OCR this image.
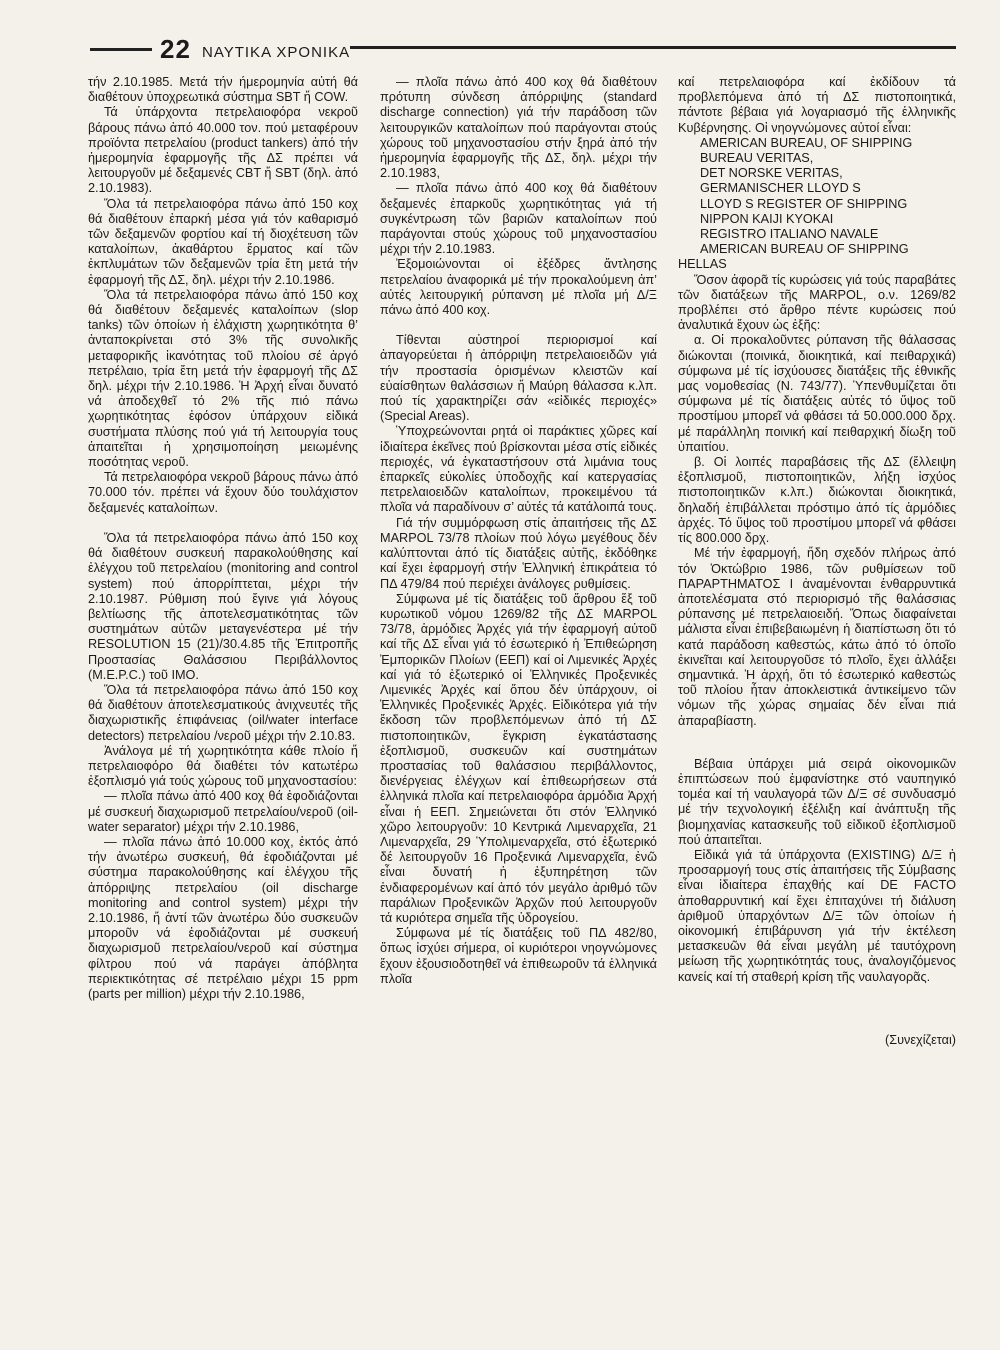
22 ΝΑΥΤΙΚΑ ΧΡΟΝΙΚΑ

τήν 2.10.1985. Μετά τήν ήμερομηνία αὐτή θά διαθέτουν ὑποχρεωτικά σύστημα SBT ἤ COW.

Τά ὑπάρχοντα πετρελαιοφόρα νεκροῦ βάρους πάνω ἀπό 40.000 τον. πού μεταφέρουν προϊόντα πετρελαίου (product tankers) ἀπό τήν ἡμερομηνία ἐφαρμογῆς τῆς ΔΣ πρέπει νά λειτουργοῦν μέ δεξαμενές CBT ἤ SBT (δηλ. ἀπό 2.10.1983).

Ὅλα τά πετρελαιοφόρα πάνω ἀπό 150 κοχ θά διαθέτουν ἐπαρκή μέσα γιά τόν καθαρισμό τῶν δεξαμενῶν φορτίου καί τή διοχέτευση τῶν καταλοίπων, ἀκαθάρτου ἔρματος καί τῶν ἐκπλυμάτων τῶν δεξαμενῶν τρία ἔτη μετά τήν ἐφαρμογή τῆς ΔΣ, δηλ. μέχρι τήν 2.10.1986.

Ὅλα τά πετρελαιοφόρα πάνω ἀπό 150 κοχ θά διαθέτουν δεξαμενές καταλοίπων (slop tanks) τῶν ὁποίων ἡ ἐλάχιστη χωρητικότητα θ’ ἀνταποκρίνεται στό 3% τῆς συνολικῆς μεταφορικῆς ἱκανότητας τοῦ πλοίου σέ ἀργό πετρέλαιο, τρία ἔτη μετά τήν ἐφαρμογή τῆς ΔΣ δηλ. μέχρι τήν 2.10.1986. Ἡ Ἀρχή εἶναι δυνατό νά ἀποδεχθεῖ τό 2% τῆς πιό πάνω χωρητικότητας ἐφόσον ὑπάρχουν εἰδικά συστήματα πλύσης πού γιά τή λειτουργία τους ἀπαιτεῖται ἡ χρησιμοποίηση μειωμένης ποσότητας νεροῦ.

Τά πετρελαιοφόρα νεκροῦ βάρους πάνω ἀπό 70.000 τόν. πρέπει νά ἔχουν δύο τουλάχιστον δεξαμενές καταλοίπων.

Ὅλα τά πετρελαιοφόρα πάνω ἀπό 150 κοχ θά διαθέτουν συσκευή παρακολούθησης καί ἐλέγχου τοῦ πετρελαίου (monitoring and control system) πού ἀπορρίπτεται, μέχρι τήν 2.10.1987. Ρύθμιση πού ἔγινε γιά λόγους βελτίωσης τῆς ἀποτελεσματικότητας τῶν συστημάτων αὐτῶν μεταγενέστερα μέ τήν RESOLUTION 15 (21)/30.4.85 τῆς Ἐπιτροπῆς Προστασίας Θαλάσσιου Περιβάλλοντος (M.E.P.C.) τοῦ IMO.

Ὅλα τά πετρελαιοφόρα πάνω ἀπό 150 κοχ θά διαθέτουν ἀποτελεσματικούς ἀνιχνευτές τῆς διαχωριστικῆς ἐπιφάνειας (oil/water interface detectors) πετρελαίου /νεροῦ μέχρι τήν 2.10.83.

Ἀνάλογα μέ τή χωρητικότητα κάθε πλοίο ἤ πετρελαιοφόρο θά διαθέτει τόν κατωτέρω ἐξοπλισμό γιά τούς χώρους τοῦ μηχανοστασίου:

— πλοῖα πάνω ἀπό 400 κοχ θά ἐφοδιάζονται μέ συσκευή διαχωρισμοῦ πετρελαίου/νεροῦ (oil-water separator) μέχρι τήν 2.10.1986,

— πλοῖα πάνω ἀπό 10.000 κοχ, ἐκτός ἀπό τήν ἀνωτέρω συσκευή, θά ἐφοδιάζονται μέ σύστημα παρακολούθησης καί ἐλέγχου τῆς ἀπόρριψης πετρελαίου (oil discharge monitoring and control system) μέχρι τήν 2.10.1986, ἤ ἀντί τῶν ἀνωτέρω δύο συσκευῶν μποροῦν νά ἐφοδιάζονται μέ συσκευή διαχωρισμοῦ πετρελαίου/νεροῦ καί σύστημα φίλτρου πού νά παράγει ἀπόβλητα περιεκτικότητας σέ πετρέλαιο μέχρι 15 ppm (parts per million) μέχρι τήν 2.10.1986,

— πλοῖα πάνω ἀπό 400 κοχ θά διαθέτουν πρότυπη σύνδεση ἀπόρριψης (standard discharge connection) γιά τήν παράδοση τῶν λειτουργικῶν καταλοίπων πού παράγονται στούς χώρους τοῦ μηχανοστασίου στήν ξηρά ἀπό τήν ἡμερομηνία ἐφαρμογῆς τῆς ΔΣ, δηλ. μέχρι τήν 2.10.1983,

— πλοῖα πάνω ἀπό 400 κοχ θά διαθέτουν δεξαμενές ἐπαρκοῦς χωρητικότητας γιά τή συγκέντρωση τῶν βαριῶν καταλοίπων πού παράγονται στούς χώρους τοῦ μηχανοστασίου μέχρι τήν 2.10.1983.

Ἐξομοιώνονται οἱ ἐξέδρες ἄντλησης πετρελαίου ἀναφορικά μέ τήν προκαλούμενη ἀπ’ αὐτές λειτουργική ρύπανση μέ πλοῖα μή Δ/Ξ πάνω ἀπό 400 κοχ.

Τίθενται αὐστηροί περιορισμοί καί ἀπαγορεύεται ἡ ἀπόρριψη πετρελαιοειδῶν γιά τήν προστασία ὁρισμένων κλειστῶν καί εὐαίσθητων θαλάσσιων ἤ Μαύρη θάλασσα κ.λπ. πού τίς χαρακτηρίζει σάν «εἰδικές περιοχές» (Special Areas).

Ὑποχρεώνονται ρητά οἱ παράκτιες χῶρες καί ἰδιαίτερα ἐκεῖνες πού βρίσκονται μέσα στίς εἰδικές περιοχές, νά ἐγκαταστήσουν στά λιμάνια τους ἐπαρκεῖς εὐκολίες ὑποδοχῆς καί κατεργασίας πετρελαιοειδῶν καταλοίπων, προκειμένου τά πλοῖα νά παραδίνουν σ’ αὐτές τά κατάλοιπά τους.

Γιά τήν συμμόρφωση στίς ἀπαιτήσεις τῆς ΔΣ MARPOL 73/78 πλοίων πού λόγω μεγέθους δέν καλύπτονται ἀπό τίς διατάξεις αὐτῆς, ἐκδόθηκε καί ἔχει ἐφαρμογή στήν Ἑλληνική ἐπικράτεια τό ΠΔ 479/84 πού περιέχει ἀνάλογες ρυθμίσεις.

Σύμφωνα μέ τίς διατάξεις τοῦ ἄρθρου ἕξ τοῦ κυρωτικοῦ νόμου 1269/82 τῆς ΔΣ MARPOL 73/78, ἁρμόδιες Ἀρχές γιά τήν ἐφαρμογή αὐτοῦ καί τῆς ΔΣ εἶναι γιά τό ἐσωτερικό ἡ Ἐπιθεώρηση Ἐμπορικῶν Πλοίων (ΕΕΠ) καί οἱ Λιμενικές Ἀρχές καί γιά τό ἐξωτερικό οἱ Ἑλληνικές Προξενικές Λιμενικές Ἀρχές καί ὅπου δέν ὑπάρχουν, οἱ Ἑλληνικές Προξενικές Ἀρχές. Εἰδικότερα γιά τήν ἔκδοση τῶν προβλεπόμενων ἀπό τή ΔΣ πιστοποιητικῶν, ἔγκριση ἐγκατάστασης ἐξοπλισμοῦ, συσκευῶν καί συστημάτων προστασίας τοῦ θαλάσσιου περιβάλλοντος, διενέργειας ἐλέγχων καί ἐπιθεωρήσεων στά ἑλληνικά πλοῖα καί πετρελαιοφόρα ἁρμόδια Ἀρχή εἶναι ἡ ΕΕΠ. Σημειώνεται ὅτι στόν Ἑλληνικό χῶρο λειτουργοῦν: 10 Κεντρικά Λιμεναρχεῖα, 21 Λιμεναρχεῖα, 29 Ὑπολιμεναρχεῖα, στό ἐξωτερικό δέ λειτουργοῦν 16 Προξενικά Λιμεναρχεῖα, ἐνῶ εἶναι δυνατή ἡ ἐξυπηρέτηση τῶν ἐνδιαφερομένων καί ἀπό τόν μεγάλο ἀριθμό τῶν παράλιων Προξενικῶν Ἀρχῶν πού λειτουργοῦν τά κυριότερα σημεῖα τῆς ὑδρογείου.

Σύμφωνα μέ τίς διατάξεις τοῦ ΠΔ 482/80, ὅπως ἰσχύει σήμερα, οἱ κυριότεροι νηογνώμονες ἔχουν ἐξουσιοδοτηθεῖ νά ἐπιθεωροῦν τά ἑλληνικά πλοῖα

καί πετρελαιοφόρα καί ἐκδίδουν τά προβλεπόμενα ἀπό τή ΔΣ πιστοποιητικά, πάντοτε βέβαια γιά λογαριασμό τῆς ἑλληνικῆς Κυβέρνησης. Οἱ νηογνώμονες αὐτοί εἶναι:

AMERICAN BUREAU, OF SHIPPING
BUREAU VERITAS,
DET NORSKE VERITAS,
GERMANISCHER LLOYD S
LLOYD S REGISTER OF SHIPPING
NIPPON KAIJI KYOKAI
REGISTRO ITALIANO NAVALE
AMERICAN BUREAU OF SHIPPING

HELLAS

Ὅσον ἀφορᾶ τίς κυρώσεις γιά τούς παραβάτες τῶν διατάξεων τῆς MARPOL, ο.ν. 1269/82 προβλέπει στό ἄρθρο πέντε κυρώσεις πού ἀναλυτικά ἔχουν ὡς ἑξῆς:

α. Οἱ προκαλοῦντες ρύπανση τῆς θάλασσας διώκονται (ποινικά, διοικητικά, καί πειθαρχικά) σύμφωνα μέ τίς ἰσχύουσες διατάξεις τῆς ἐθνικῆς μας νομοθεσίας (Ν. 743/77). Ὑπενθυμίζεται ὅτι σύμφωνα μέ τίς διατάξεις αὐτές τό ὕψος τοῦ προστίμου μπορεῖ νά φθάσει τά 50.000.000 δρχ. μέ παράλληλη ποινική καί πειθαρχική δίωξη τοῦ ὑπαιτίου.

β. Οἱ λοιπές παραβάσεις τῆς ΔΣ (ἔλλειψη ἐξοπλισμοῦ, πιστοποιητικῶν, λήξη ἰσχύος πιστοποιητικῶν κ.λπ.) διώκονται διοικητικά, δηλαδή ἐπιβάλλεται πρόστιμο ἀπό τίς ἁρμόδιες ἀρχές. Τό ὕψος τοῦ προστίμου μπορεῖ νά φθάσει τίς 800.000 δρχ.

Μέ τήν ἐφαρμογή, ἤδη σχεδόν πλήρως ἀπό τόν Ὀκτώβριο 1986, τῶν ρυθμίσεων τοῦ ΠΑΡΑΡΤΗΜΑΤΟΣ Ι ἀναμένονται ἐνθαρρυντικά ἀποτελέσματα στό περιορισμό τῆς θαλάσσιας ρύπανσης μέ πετρελαιοειδή. Ὅπως διαφαίνεται μάλιστα εἶναι ἐπιβεβαιωμένη ἡ διαπίστωση ὅτι τό κατά παράδοση καθεστώς, κάτω ἀπό τό ὁποῖο ἐκινεῖται καί λειτουργοῦσε τό πλοῖο, ἔχει ἀλλάξει σημαντικά. Ἡ ἀρχή, ὅτι τό ἐσωτερικό καθεστώς τοῦ πλοίου ἦταν ἀποκλειστικά ἀντικείμενο τῶν νόμων τῆς χώρας σημαίας δέν εἶναι πιά ἀπαραβίαστη.

Βέβαια ὑπάρχει μιά σειρά οἰκονομικῶν ἐπιπτώσεων πού ἐμφανίστηκε στό ναυπηγικό τομέα καί τή ναυλαγορά τῶν Δ/Ξ σέ συνδυασμό μέ τήν τεχνολογική ἐξέλιξη καί ἀνάπτυξη τῆς βιομηχανίας κατασκευῆς τοῦ εἰδικοῦ ἐξοπλισμοῦ πού ἀπαιτεῖται.

Εἰδικά γιά τά ὑπάρχοντα (EXISTING) Δ/Ξ ἡ προσαρμογή τους στίς ἀπαιτήσεις τῆς Σύμβασης εἶναι ἰδιαίτερα ἐπαχθής καί DE FACTO ἀποθαρρυντική καί ἔχει ἐπιταχύνει τή διάλυση ἀριθμοῦ ὑπαρχόντων Δ/Ξ τῶν ὁποίων ἡ οἰκονομική ἐπιβάρυνση γιά τήν ἐκτέλεση μετασκευῶν θά εἶναι μεγάλη μέ ταυτόχρονη μείωση τῆς χωρητικότητάς τους, ἀναλογιζόμενος κανείς καί τή σταθερή κρίση τῆς ναυλαγορᾶς.

(Συνεχίζεται)
